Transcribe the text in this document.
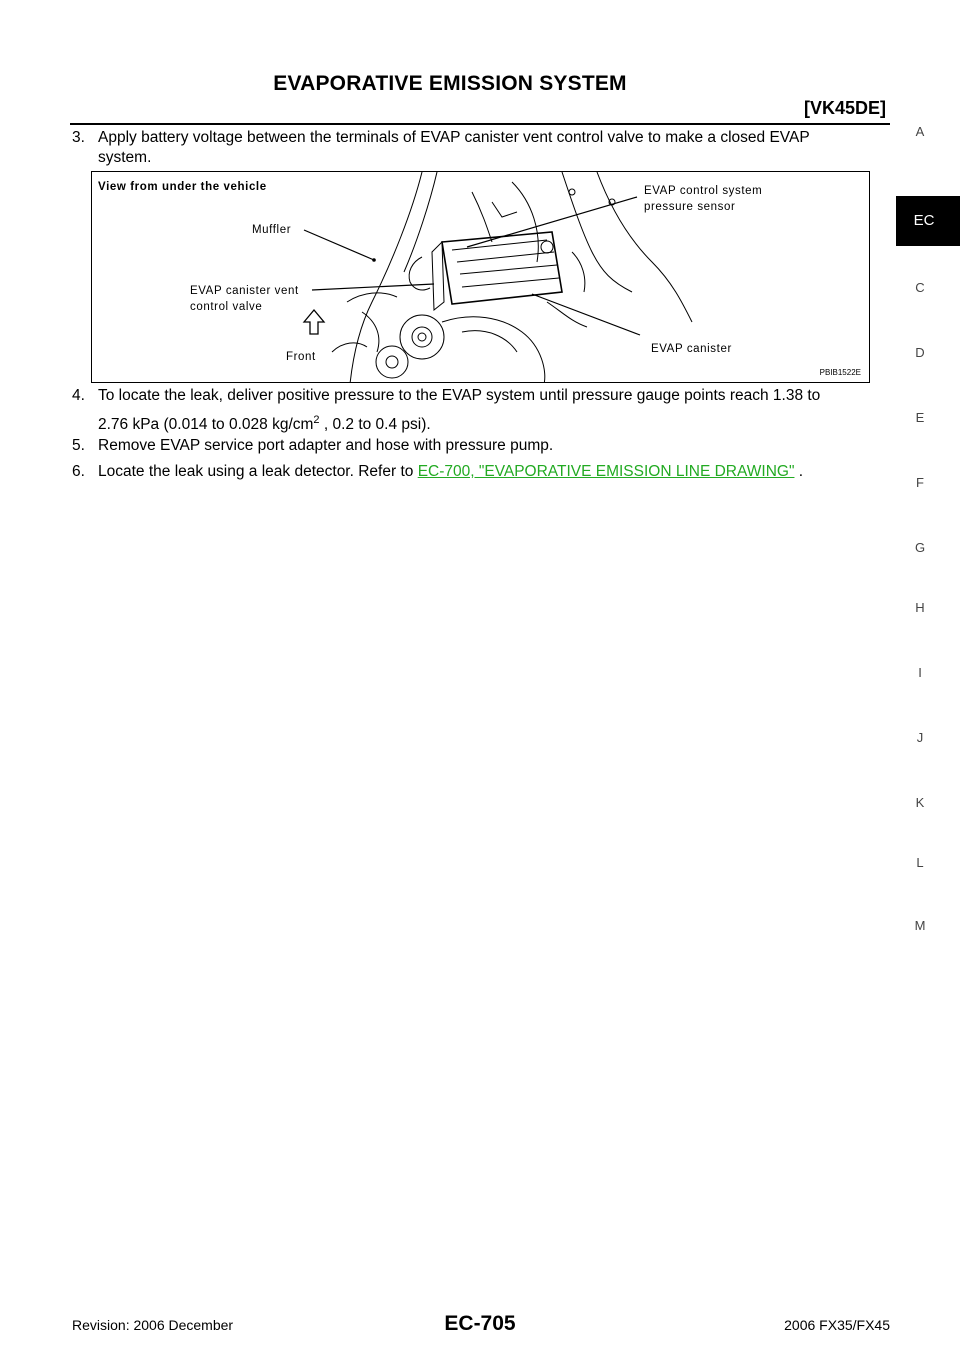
EVAPORATIVE EMISSION SYSTEM
[VK45DE]
3. Apply battery voltage between the terminals of EVAP canister vent control valve to make a closed EVAP
system.
View from under the vehicle	EVAP control system
pressure sensor
Muffler
EVAP canister vent
control valve
Front
EVAP canister
PBIB1522E
4. To locate the leak, deliver positive pressure to the EVAP system until pressure gauge points reach 1.38 to
2.76 kPa (0.014 to 0.028 $kg/cm^2$ , 0.2 to 0.4 psi).
5. Remove EVAP service port adapter and hose with pressure pump.
6. Locate the leak using a leak detector. Refer to EC-700, "EVAPORATIVE EMISSION LINE DRAWING" .
A
C
D
E
F
G
H
I
J
K
L
M
EC
Revision: 2006 December	EC-705	2006 FX35/FX45
